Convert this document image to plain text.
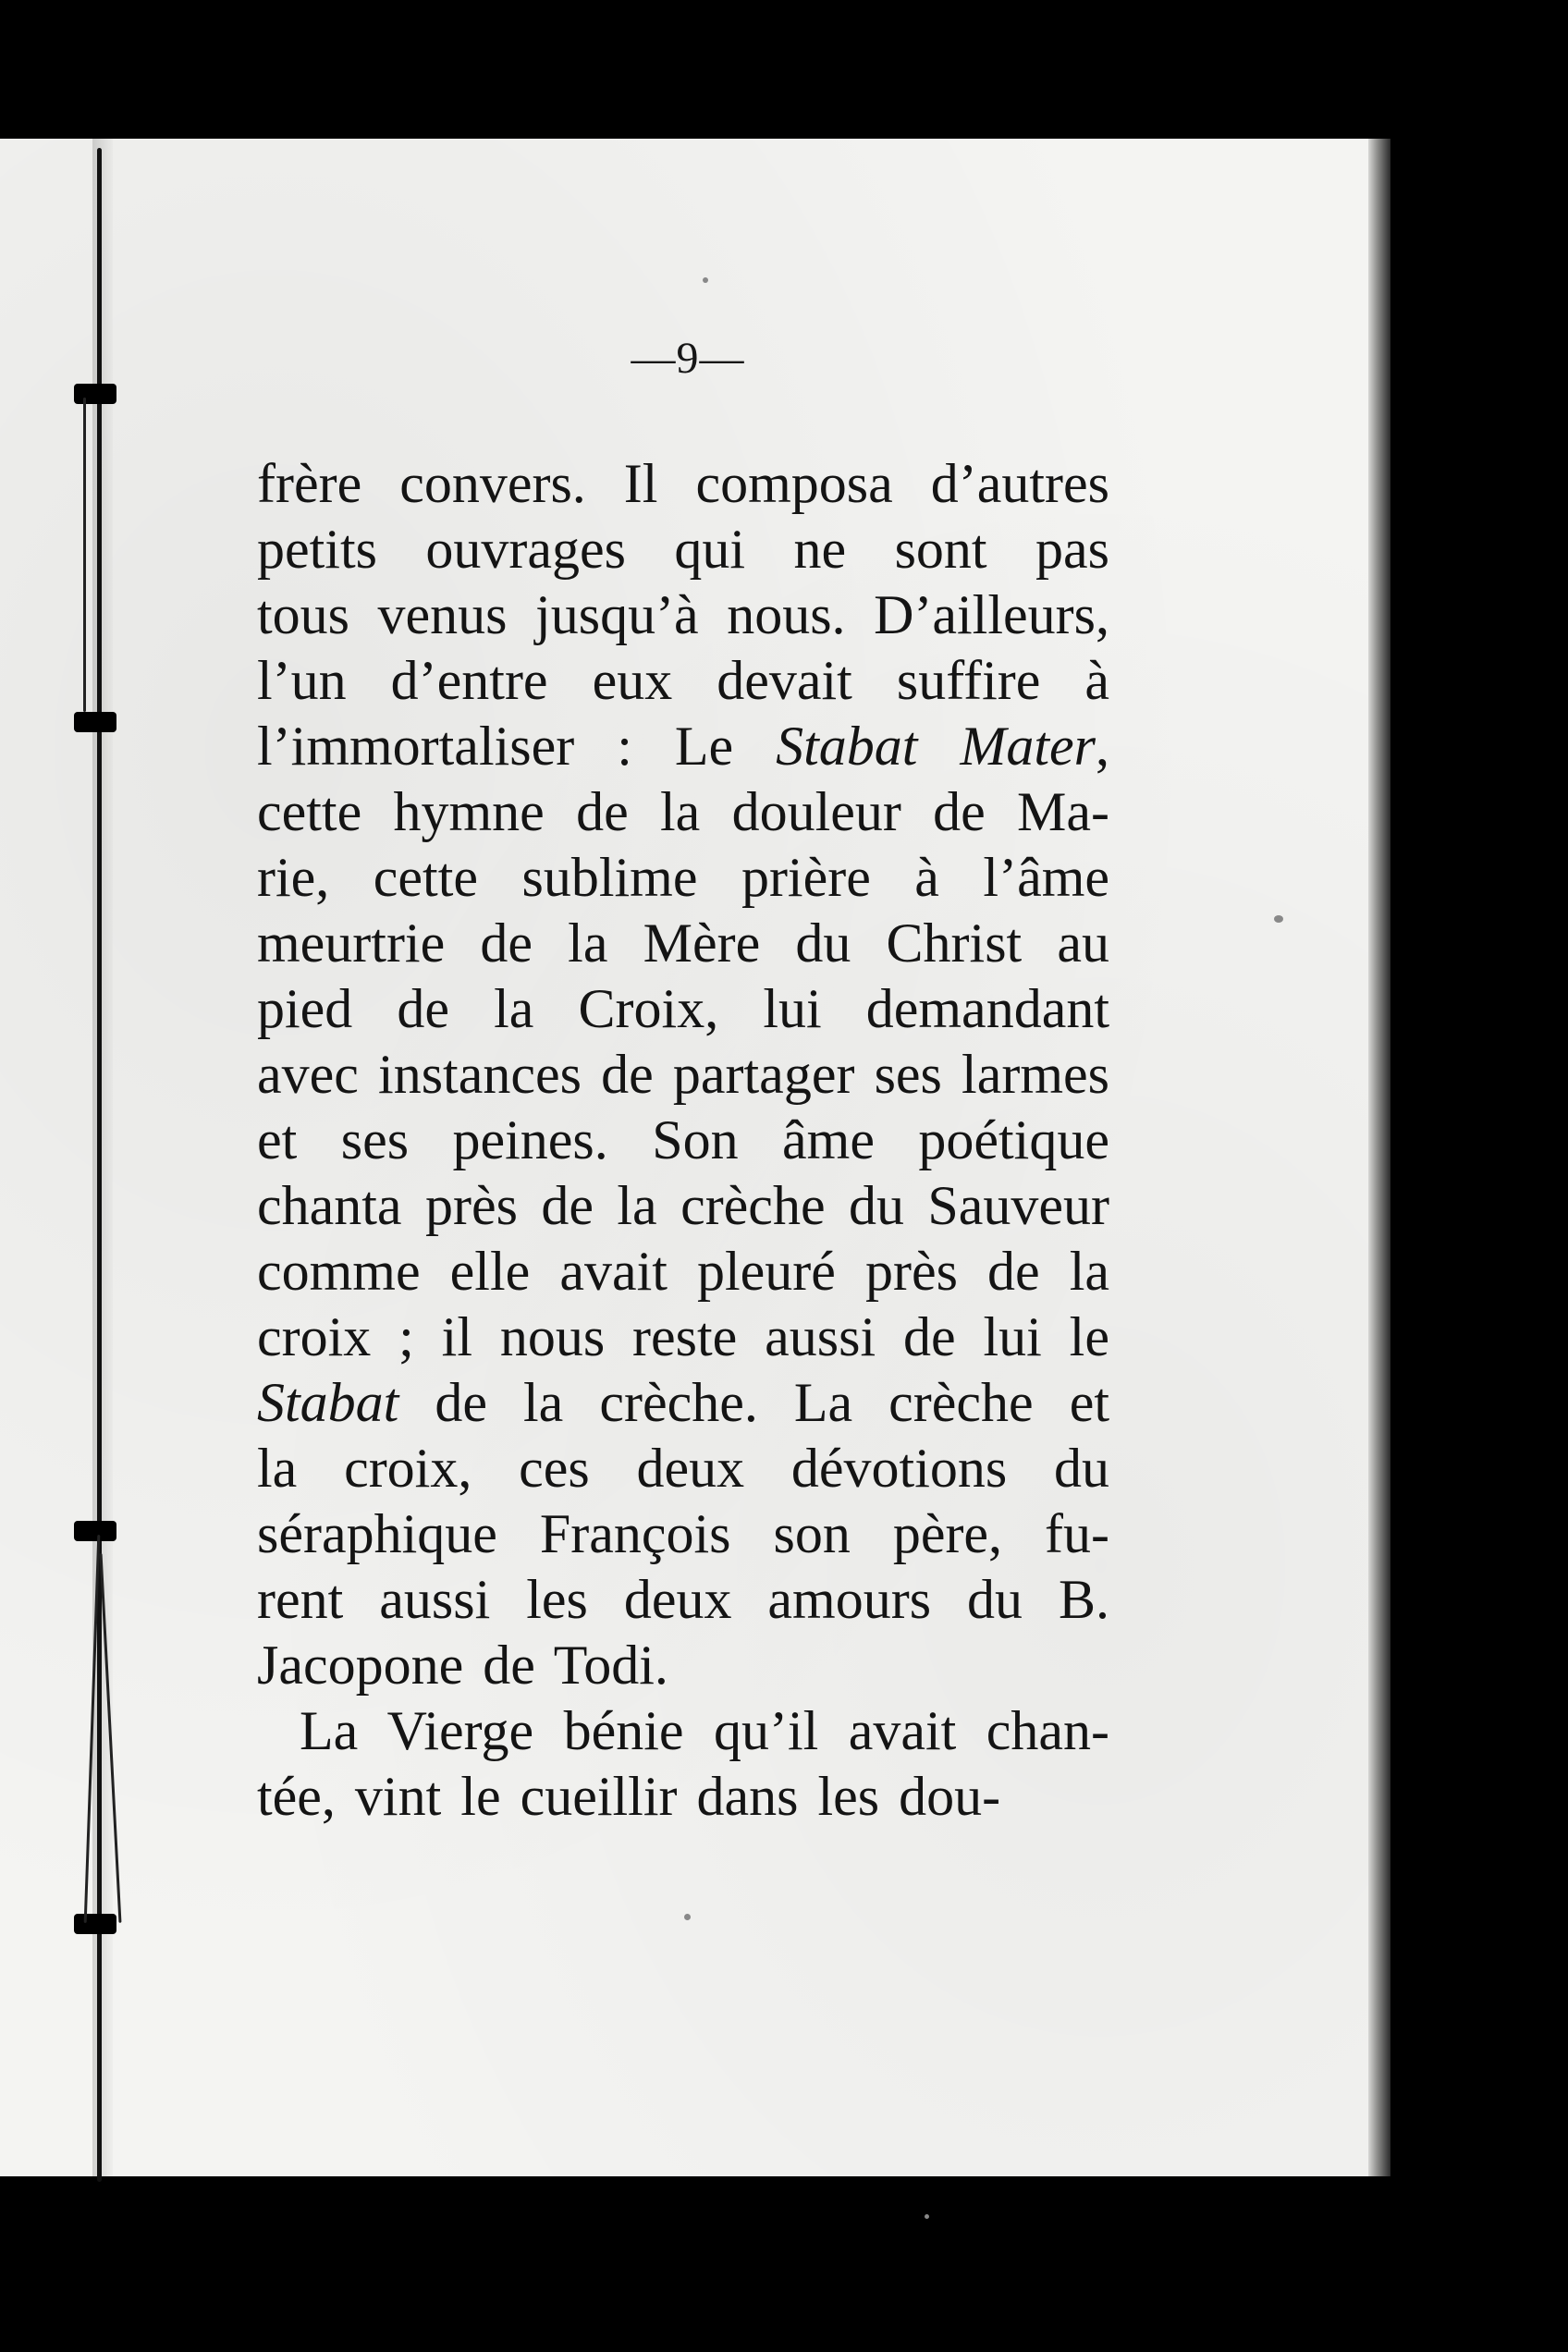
—9—
frère convers. Il composa d’autres
petits ouvrages qui ne sont pas
tous venus jusqu’à nous. D’ailleurs,
l’un d’entre eux devait suffire à
l’immortaliser : Le Stabat Mater,
cette hymne de la douleur de Ma-
rie, cette sublime prière à l’âme
meurtrie de la Mère du Christ au
pied de la Croix, lui demandant
avec instances de partager ses larmes
et ses peines. Son âme poétique
chanta près de la crèche du Sauveur
comme elle avait pleuré près de la
croix ; il nous reste aussi de lui le
Stabat de la crèche. La crèche et
la croix, ces deux dévotions du
séraphique François son père, fu-
rent aussi les deux amours du B.
Jacopone de Todi.
La Vierge bénie qu’il avait chan-
tée, vint le cueillir dans les dou-
